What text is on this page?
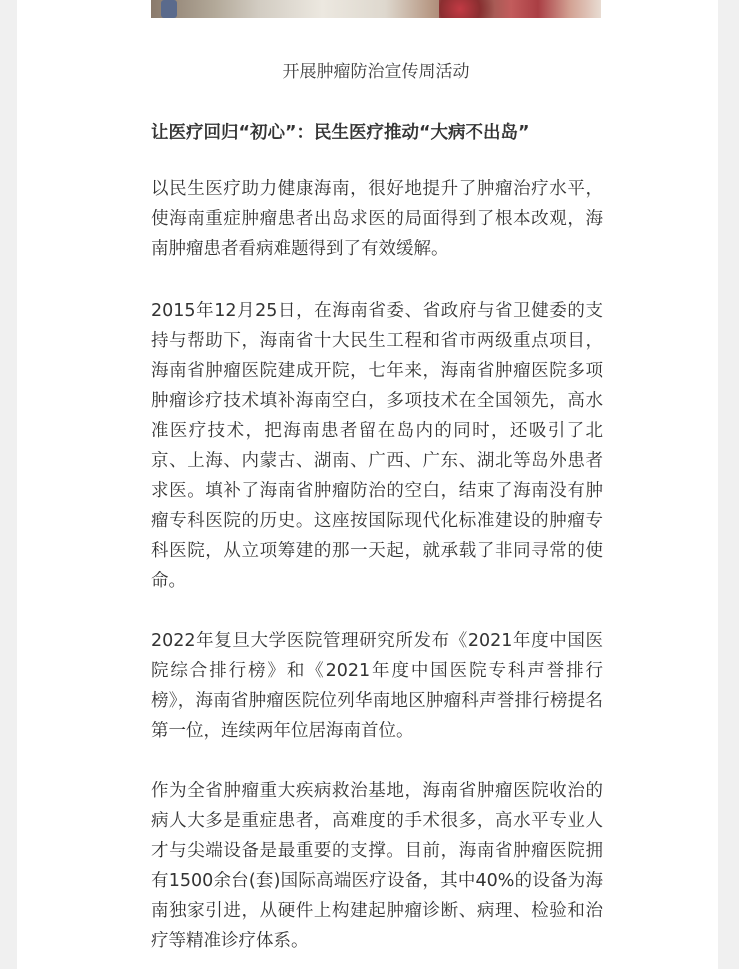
开展肿瘤防治宣传周活动
让医疗回归“初心”：民生医疗推动“大病不出岛”
以民生医疗助力健康海南，很好地提升了肿瘤治疗水平，使海南重症肿瘤患者出岛求医的局面得到了根本改观，海南肿瘤患者看病难题得到了有效缓解。
2015年12月25日，在海南省委、省政府与省卫健委的支持与帮助下，海南省十大民生工程和省市两级重点项目，海南省肿瘤医院建成开院，七年来，海南省肿瘤医院多项肿瘤诊疗技术填补海南空白，多项技术在全国领先，高水准医疗技术，把海南患者留在岛内的同时，还吸引了北京、上海、内蒙古、湖南、广西、广东、湖北等岛外患者求医。填补了海南省肿瘤防治的空白，结束了海南没有肿瘤专科医院的历史。这座按国际现代化标准建设的肿瘤专科医院，从立项筹建的那一天起，就承载了非同寻常的使命。
2022年复旦大学医院管理研究所发布《2021年度中国医院综合排行榜》和《2021年度中国医院专科声誉排行榜》，海南省肿瘤医院位列华南地区肿瘤科声誉排行榜提名第一位，连续两年位居海南首位。
作为全省肿瘤重大疾病救治基地，海南省肿瘤医院收治的病人大多是重症患者，高难度的手术很多，高水平专业人才与尖端设备是最重要的支撑。目前，海南省肿瘤医院拥有1500余台(套)国际高端医疗设备，其中40%的设备为海南独家引进，从硬件上构建起肿瘤诊断、病理、检验和治疗等精准诊疗体系。
